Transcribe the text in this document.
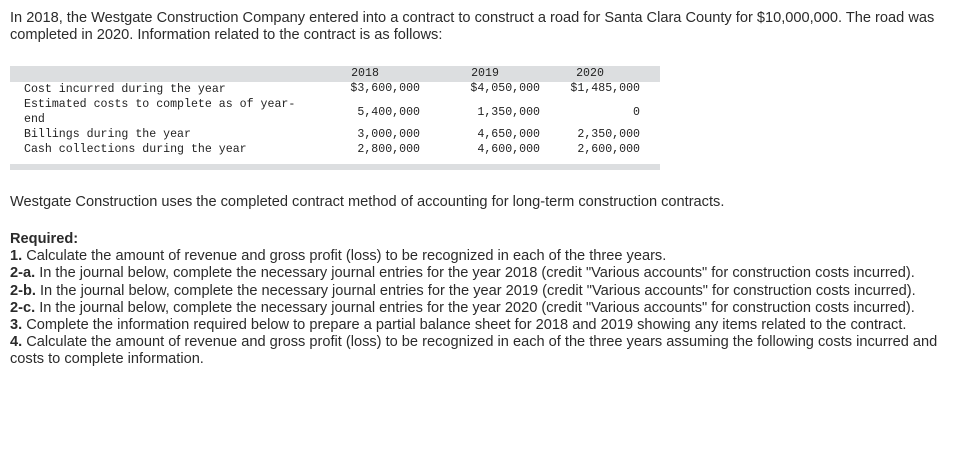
In 2018, the Westgate Construction Company entered into a contract to construct a road for Santa Clara County for $10,000,000. The road was completed in 2020. Information related to the contract is as follows:

2018	2019	2020
Cost incurred during the year	$3,600,000	$4,050,000	$1,485,000
Estimated costs to complete as of year-
end
5,400,000	1,350,000	0
Billings during the year	3,000,000	4,650,000	2,350,000
Cash collections during the year	2,800,000	4,600,000	2,600,000

Westgate Construction uses the completed contract method of accounting for long-term construction contracts.

Required:
1. Calculate the amount of revenue and gross profit (loss) to be recognized in each of the three years.
2-a. In the journal below, complete the necessary journal entries for the year 2018 (credit "Various accounts" for construction costs incurred).
2-b. In the journal below, complete the necessary journal entries for the year 2019 (credit "Various accounts" for construction costs incurred).
2-c. In the journal below, complete the necessary journal entries for the year 2020 (credit "Various accounts" for construction costs incurred).
3. Complete the information required below to prepare a partial balance sheet for 2018 and 2019 showing any items related to the contract.
4. Calculate the amount of revenue and gross profit (loss) to be recognized in each of the three years assuming the following costs incurred and costs to complete information.
